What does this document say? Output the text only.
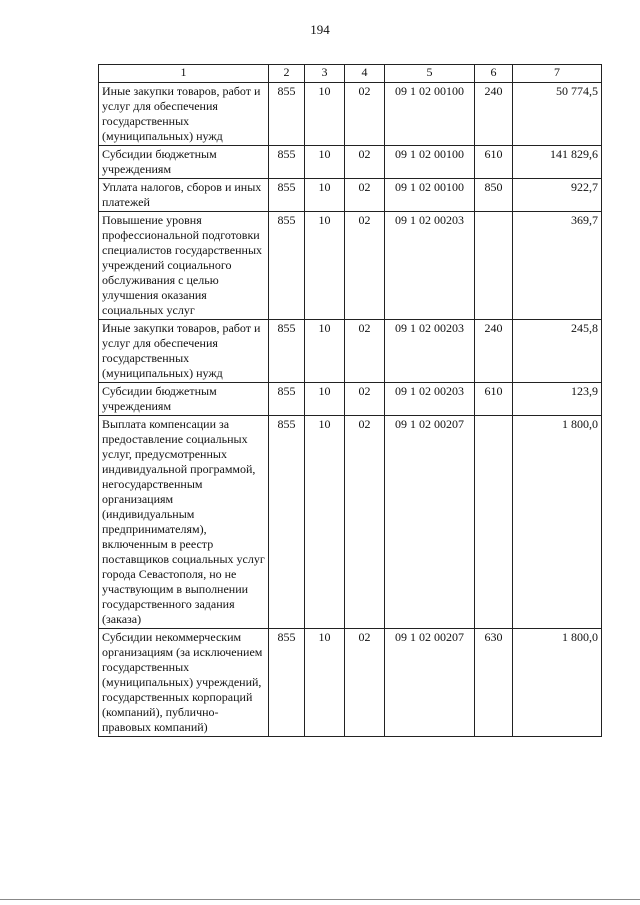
194
1	2	3	4	5	6	7
Иные закупки товаров, работ и услуг для обеспечения государственных (муниципальных) нужд	855	10	02	09 1 02 00100	240	50 774,5
Субсидии бюджетным учреждениям	855	10	02	09 1 02 00100	610	141 829,6
Уплата налогов, сборов и иных платежей	855	10	02	09 1 02 00100	850	922,7
Повышение уровня профессиональной подготовки специалистов государственных учреждений социального обслуживания с целью улучшения оказания социальных услуг	855	10	02	09 1 02 00203		369,7
Иные закупки товаров, работ и услуг для обеспечения государственных (муниципальных) нужд	855	10	02	09 1 02 00203	240	245,8
Субсидии бюджетным учреждениям	855	10	02	09 1 02 00203	610	123,9
Выплата компенсации за предоставление социальных услуг, предусмотренных индивидуальной программой, негосударственным организациям (индивидуальным предпринимателям), включенным в реестр поставщиков социальных услуг города Севастополя, но не участвующим в выполнении государственного задания (заказа)	855	10	02	09 1 02 00207		1 800,0
Субсидии некоммерческим организациям (за исключением государственных (муниципальных) учреждений, государственных корпораций (компаний), публично-правовых компаний)	855	10	02	09 1 02 00207	630	1 800,0
